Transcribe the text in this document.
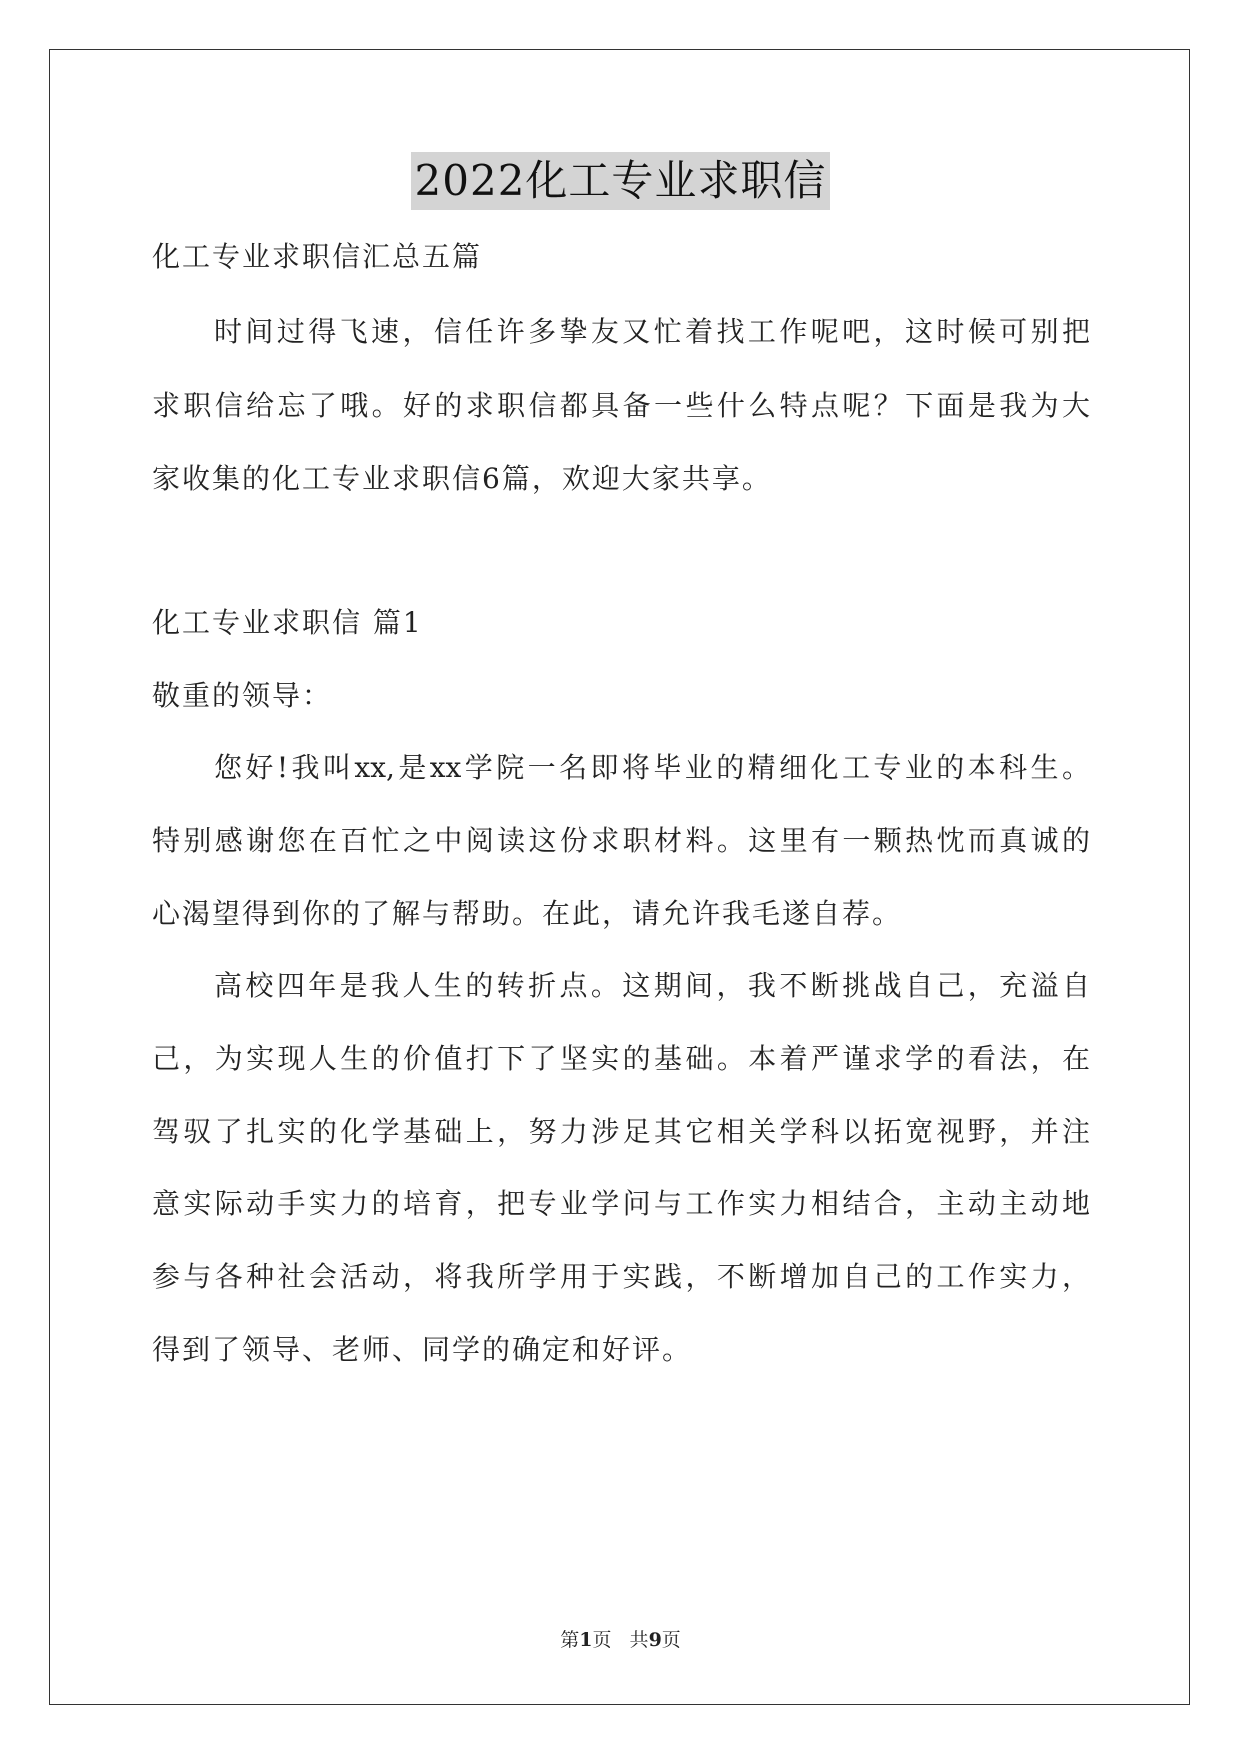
2022化工专业求职信
化工专业求职信汇总五篇
时间过得飞速，信任许多挚友又忙着找工作呢吧，这时候可别把
求职信给忘了哦。好的求职信都具备一些什么特点呢？下面是我为大
家收集的化工专业求职信6篇，欢迎大家共享。
化工专业求职信 篇1
敬重的领导：
您好!我叫xx,是xx学院一名即将毕业的精细化工专业的本科生。
特别感谢您在百忙之中阅读这份求职材料。这里有一颗热忱而真诚的
心渴望得到你的了解与帮助。在此，请允许我毛遂自荐。
高校四年是我人生的转折点。这期间，我不断挑战自己，充溢自
己，为实现人生的价值打下了坚实的基础。本着严谨求学的看法，在
驾驭了扎实的化学基础上，努力涉足其它相关学科以拓宽视野，并注
意实际动手实力的培育，把专业学问与工作实力相结合，主动主动地
参与各种社会活动，将我所学用于实践，不断增加自己的工作实力，
得到了领导、老师、同学的确定和好评。
第1页   共9页
